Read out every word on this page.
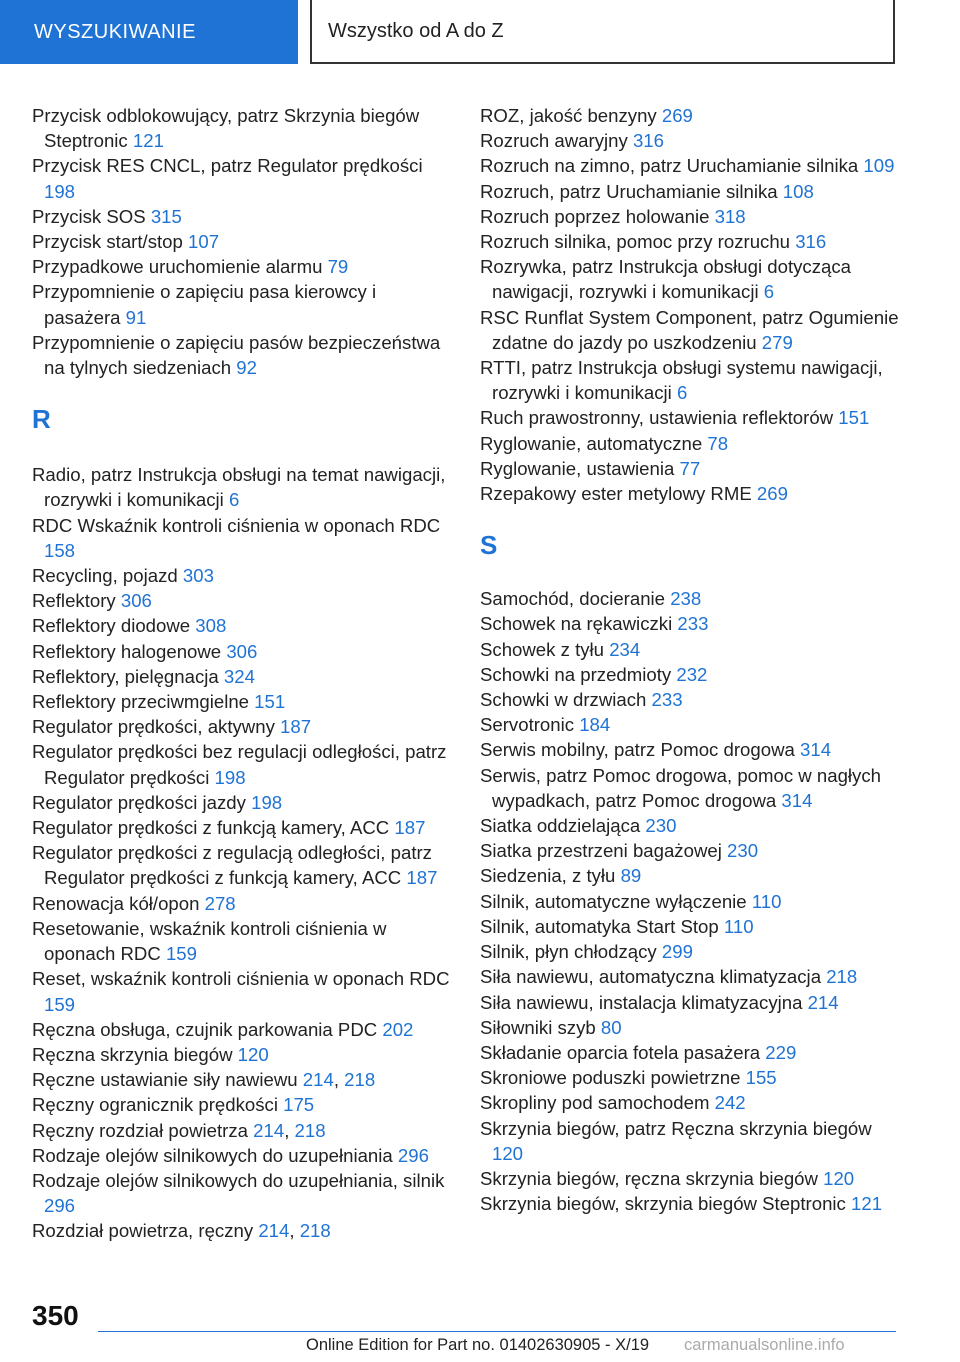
WYSZUKIWANIE	Wszystko od A do Z
Przycisk odblokowujący, patrz Skrzynia biegów Steptronic 121
Przycisk RES CNCL, patrz Regulator prędkości 198
Przycisk SOS 315
Przycisk start/stop 107
Przypadkowe uruchomienie alarmu 79
Przypomnienie o zapięciu pasa kierowcy i pasażera 91
Przypomnienie o zapięciu pasów bezpieczeństwa na tylnych siedzeniach 92
R
Radio, patrz Instrukcja obsługi na temat nawigacji, rozrywki i komunikacji 6
RDC Wskaźnik kontroli ciśnienia w oponach RDC 158
Recycling, pojazd 303
Reflektory 306
Reflektory diodowe 308
Reflektory halogenowe 306
Reflektory, pielęgnacja 324
Reflektory przeciwmgielne 151
Regulator prędkości, aktywny 187
Regulator prędkości bez regulacji odległości, patrz Regulator prędkości 198
Regulator prędkości jazdy 198
Regulator prędkości z funkcją kamery, ACC 187
Regulator prędkości z regulacją odległości, patrz Regulator prędkości z funkcją kamery, ACC 187
Renowacja kół/opon 278
Resetowanie, wskaźnik kontroli ciśnienia w oponach RDC 159
Reset, wskaźnik kontroli ciśnienia w oponach RDC 159
Ręczna obsługa, czujnik parkowania PDC 202
Ręczna skrzynia biegów 120
Ręczne ustawianie siły nawiewu 214, 218
Ręczny ogranicznik prędkości 175
Ręczny rozdział powietrza 214, 218
Rodzaje olejów silnikowych do uzupełniania 296
Rodzaje olejów silnikowych do uzupełniania, silnik 296
Rozdział powietrza, ręczny 214, 218
ROZ, jakość benzyny 269
Rozruch awaryjny 316
Rozruch na zimno, patrz Uruchamianie silnika 109
Rozruch, patrz Uruchamianie silnika 108
Rozruch poprzez holowanie 318
Rozruch silnika, pomoc przy rozruchu 316
Rozrywka, patrz Instrukcja obsługi dotycząca nawigacji, rozrywki i komunikacji 6
RSC Runflat System Component, patrz Ogumienie zdatne do jazdy po uszkodzeniu 279
RTTI, patrz Instrukcja obsługi systemu nawigacji, rozrywki i komunikacji 6
Ruch prawostronny, ustawienia reflektorów 151
Ryglowanie, automatyczne 78
Ryglowanie, ustawienia 77
Rzepakowy ester metylowy RME 269
S
Samochód, docieranie 238
Schowek na rękawiczki 233
Schowek z tyłu 234
Schowki na przedmioty 232
Schowki w drzwiach 233
Servotronic 184
Serwis mobilny, patrz Pomoc drogowa 314
Serwis, patrz Pomoc drogowa, pomoc w nagłych wypadkach, patrz Pomoc drogowa 314
Siatka oddzielająca 230
Siatka przestrzeni bagażowej 230
Siedzenia, z tyłu 89
Silnik, automatyczne wyłączenie 110
Silnik, automatyka Start Stop 110
Silnik, płyn chłodzący 299
Siła nawiewu, automatyczna klimatyzacja 218
Siła nawiewu, instalacja klimatyzacyjna 214
Siłowniki szyb 80
Składanie oparcia fotela pasażera 229
Skroniowe poduszki powietrzne 155
Skropliny pod samochodem 242
Skrzynia biegów, patrz Ręczna skrzynia biegów 120
Skrzynia biegów, ręczna skrzynia biegów 120
Skrzynia biegów, skrzynia biegów Steptronic 121
350
Online Edition for Part no. 01402630905 - X/19 carmanualsonline.info
